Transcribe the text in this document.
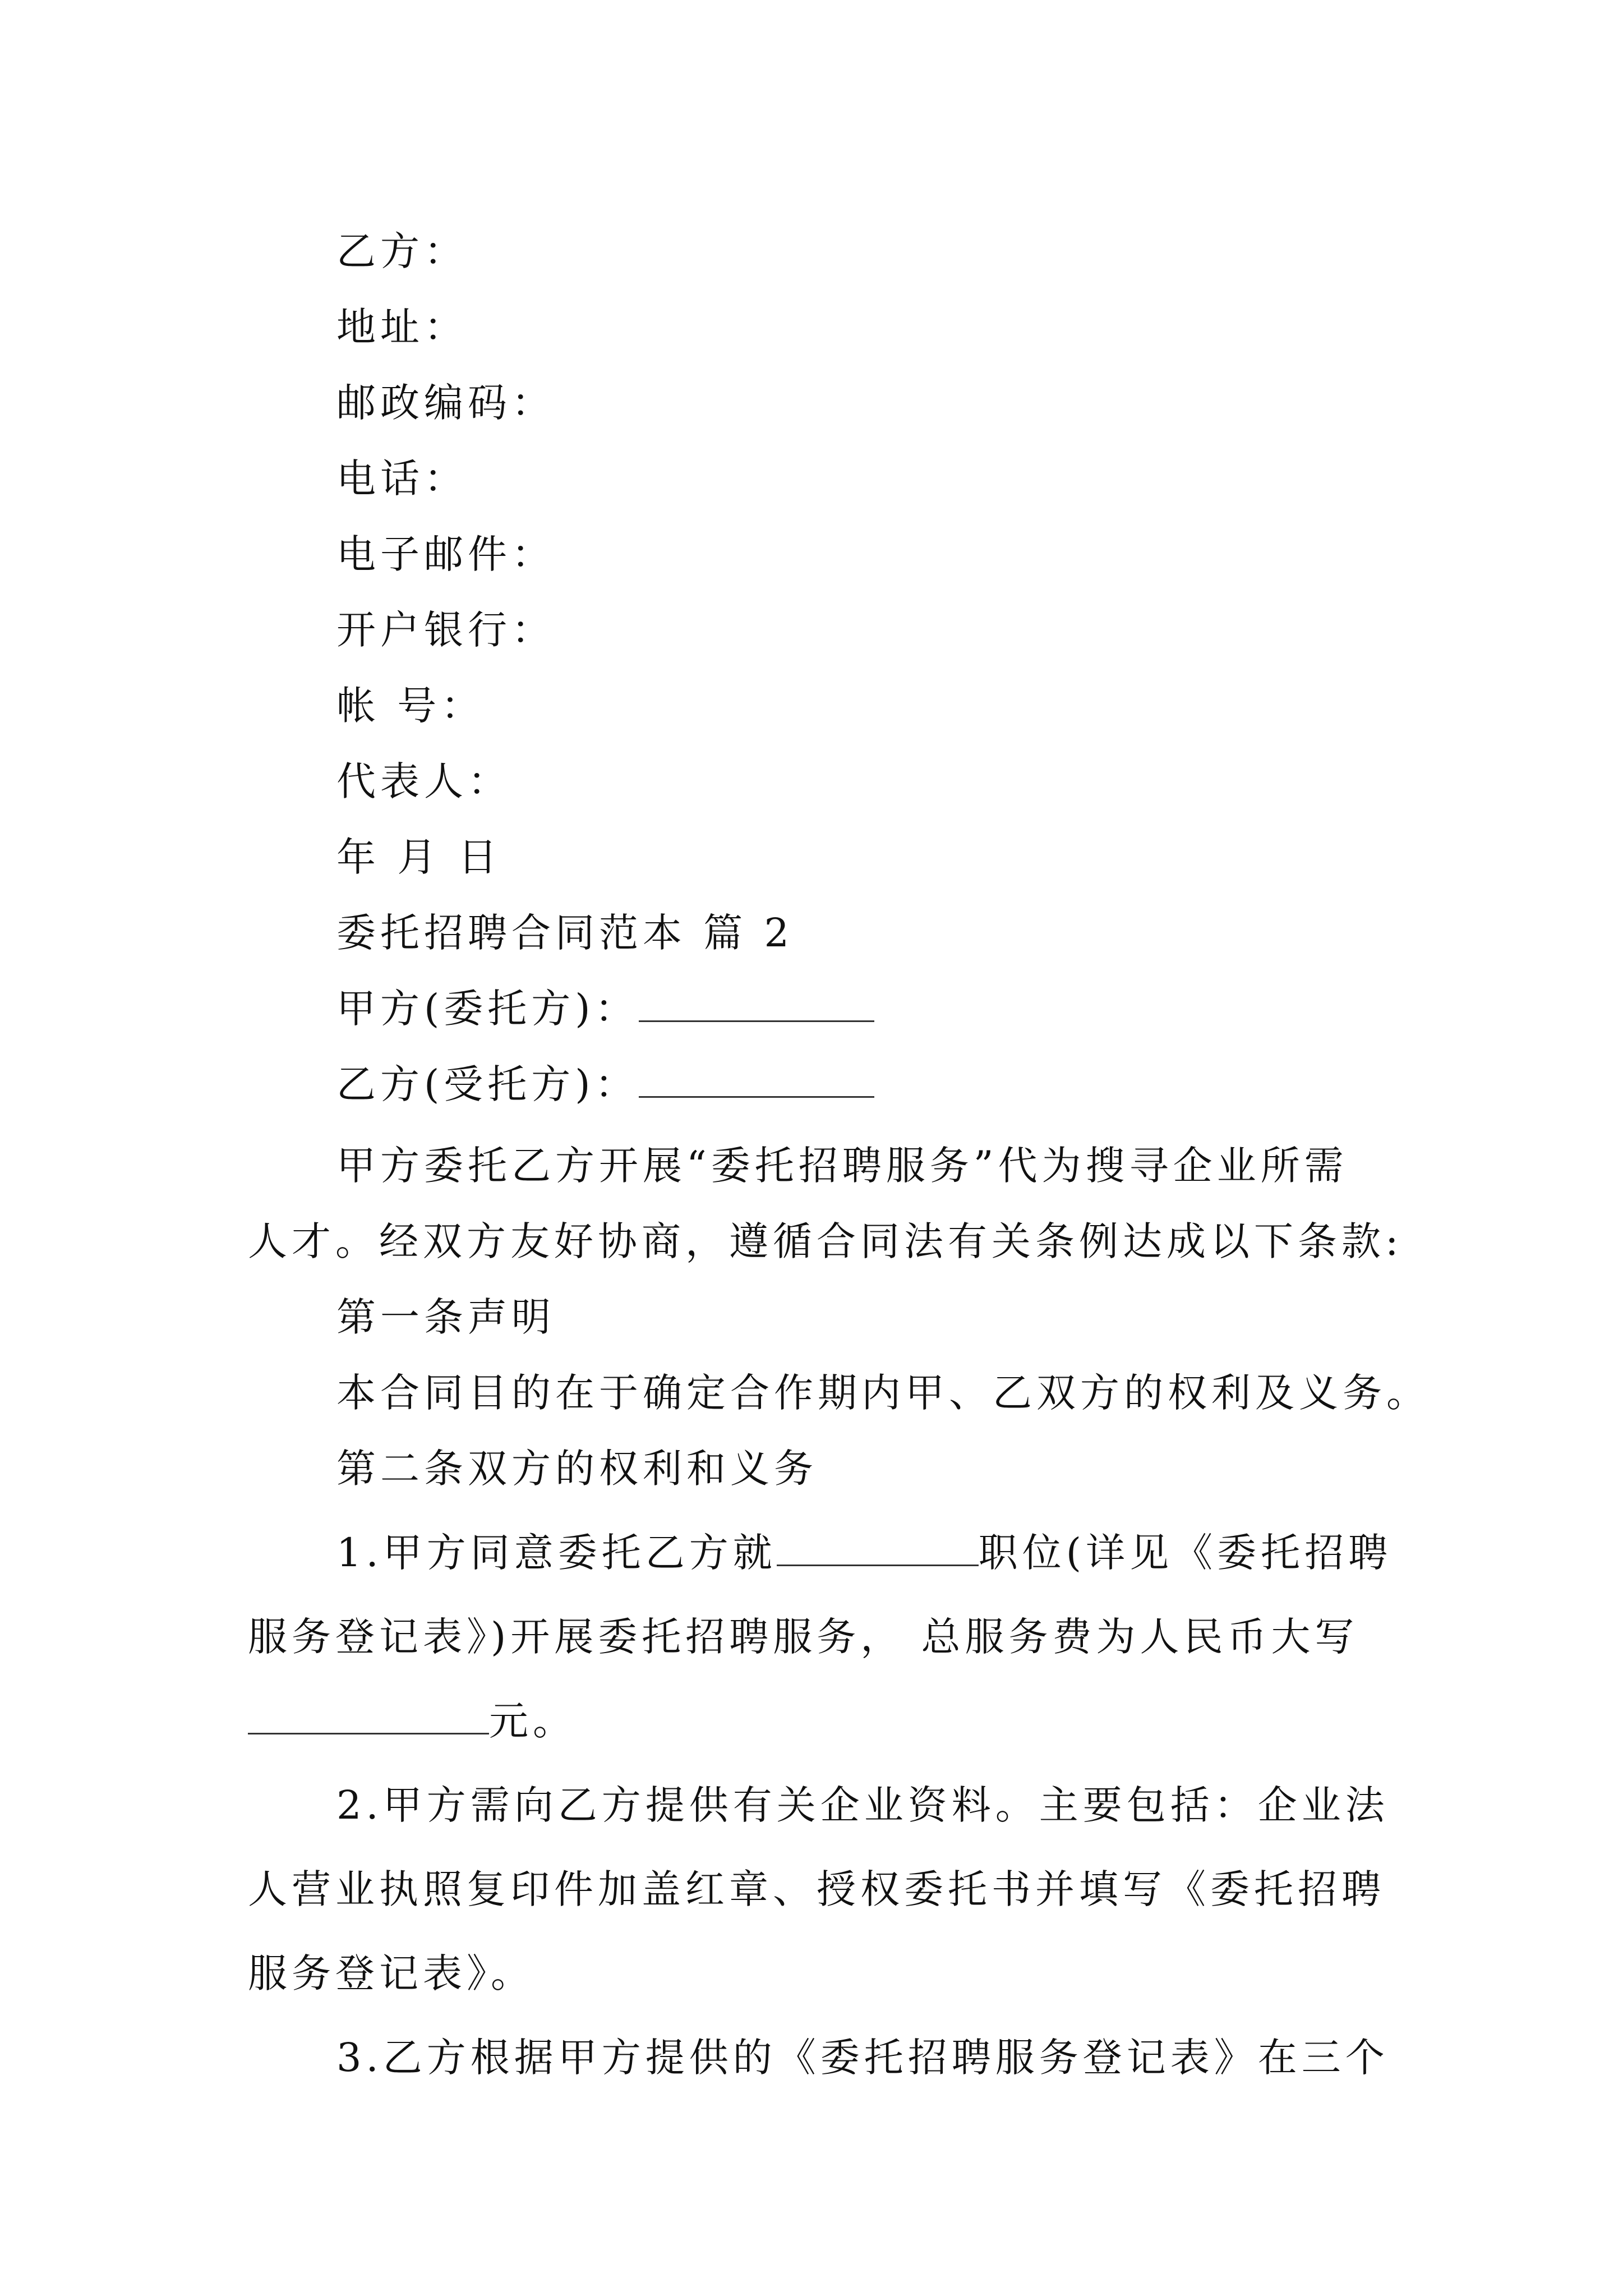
乙方：
地址：
邮政编码：
电话：
电子邮件：
开户银行：
帐 号：
代表人：
年 月 日
委托招聘合同范本 篇 2
甲方(委托方)：
乙方(受托方)：
甲方委托乙方开展“委托招聘服务”代为搜寻企业所需
人才。经双方友好协商，遵循合同法有关条例达成以下条款:
第一条声明
本合同目的在于确定合作期内甲、乙双方的权利及义务。
第二条双方的权利和义务
1.甲方同意委托乙方就	职位(详见《委托招聘
服务登记表》)开展委托招聘服务， 总服务费为人民币大写
元。
2.甲方需向乙方提供有关企业资料。主要包括：企业法
人营业执照复印件加盖红章、授权委托书并填写《委托招聘
服务登记表》。
3.乙方根据甲方提供的《委托招聘服务登记表》在三个
